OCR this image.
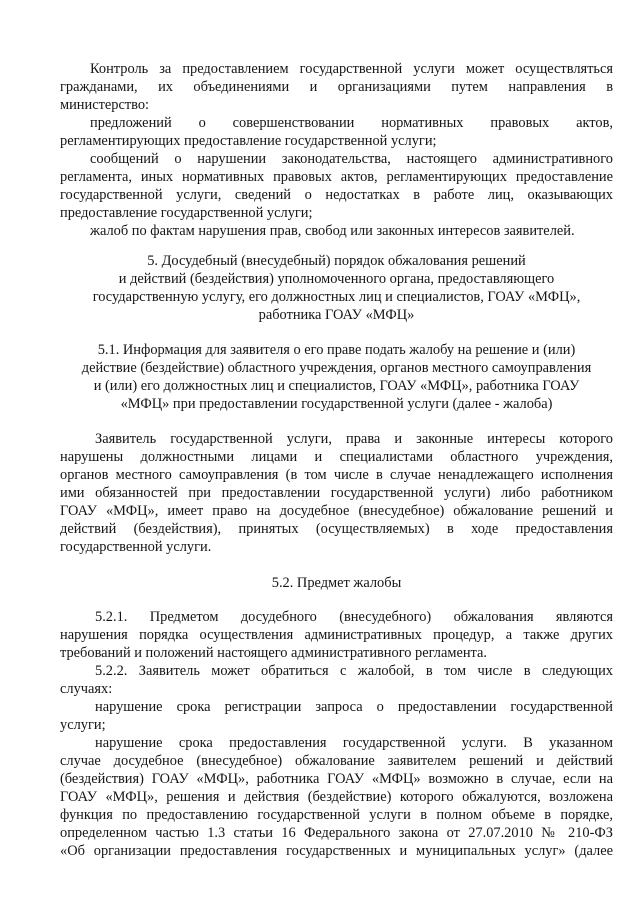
Контроль за предоставлением государственной услуги может осуществляться
гражданами, их объединениями и организациями путем направления в
министерство:
предложений о совершенствовании нормативных правовых актов,
регламентирующих предоставление государственной услуги;
сообщений о нарушении законодательства, настоящего административного
регламента, иных нормативных правовых актов, регламентирующих предоставление
государственной услуги, сведений о недостатках в работе лиц, оказывающих
предоставление государственной услуги;
жалоб по фактам нарушения прав, свобод или законных интересов заявителей.
5. Досудебный (внесудебный) порядок обжалования решений
и действий (бездействия) уполномоченного органа, предоставляющего
государственную услугу, его должностных лиц и специалистов, ГОАУ «МФЦ»,
работника ГОАУ «МФЦ»
5.1. Информация для заявителя о его праве подать жалобу на решение и (или)
действие (бездействие) областного учреждения, органов местного самоуправления
и (или) его должностных лиц и специалистов, ГОАУ «МФЦ», работника ГОАУ
«МФЦ» при предоставлении государственной услуги (далее - жалоба)
Заявитель государственной услуги, права и законные интересы которого
нарушены должностными лицами и специалистами областного учреждения,
органов местного самоуправления (в том числе в случае ненадлежащего исполнения
ими обязанностей при предоставлении государственной услуги) либо работником
ГОАУ «МФЦ», имеет право на досудебное (внесудебное) обжалование решений и
действий (бездействия), принятых (осуществляемых) в ходе предоставления
государственной услуги.
5.2. Предмет жалобы
5.2.1. Предметом досудебного (внесудебного) обжалования являются
нарушения порядка осуществления административных процедур, а также других
требований и положений настоящего административного регламента.
5.2.2. Заявитель может обратиться с жалобой, в том числе в следующих
случаях:
нарушение срока регистрации запроса о предоставлении государственной
услуги;
нарушение срока предоставления государственной услуги. В указанном
случае досудебное (внесудебное) обжалование заявителем решений и действий
(бездействия) ГОАУ «МФЦ», работника ГОАУ «МФЦ» возможно в случае, если на
ГОАУ «МФЦ», решения и действия (бездействие) которого обжалуются, возложена
функция по предоставлению государственной услуги в полном объеме в порядке,
определенном частью 1.3 статьи 16 Федерального закона от 27.07.2010 № 210-ФЗ
«Об организации предоставления государственных и муниципальных услуг» (далее
